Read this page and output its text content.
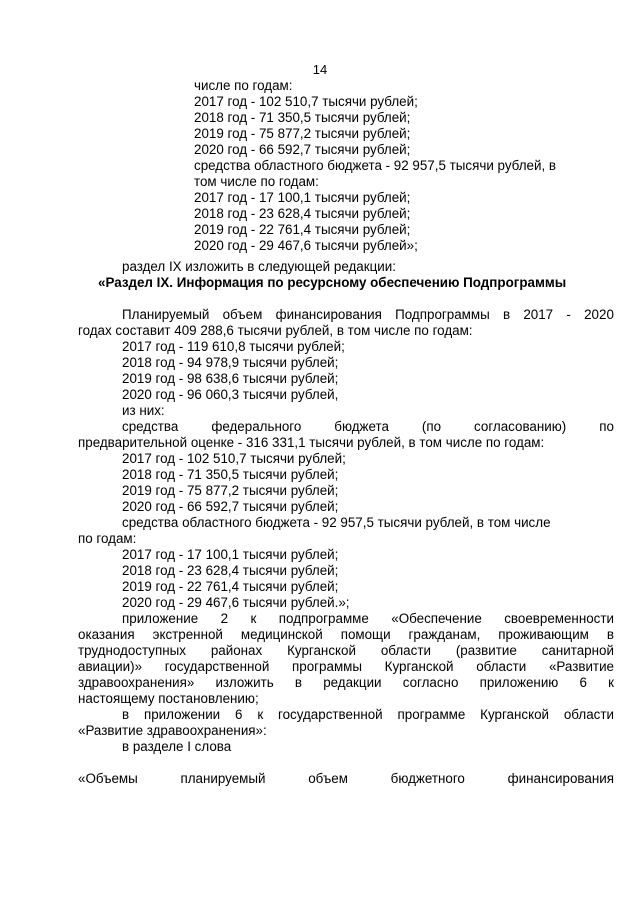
14
числе по годам:
2017 год - 102 510,7 тысячи рублей;
2018 год - 71 350,5 тысячи рублей;
2019 год - 75 877,2 тысячи рублей;
2020 год - 66 592,7 тысячи рублей;
средства областного бюджета - 92 957,5 тысячи рублей, в
том числе по годам:
2017 год - 17 100,1 тысячи рублей;
2018 год - 23 628,4 тысячи рублей;
2019 год - 22 761,4 тысячи рублей;
2020 год - 29 467,6 тысячи рублей»;
раздел IX изложить в следующей редакции:
«Раздел IX. Информация по ресурсному обеспечению Подпрограммы
Планируемый объем финансирования Подпрограммы в 2017 - 2020
годах составит 409 288,6 тысячи рублей, в том числе по годам:
2017 год - 119 610,8 тысячи рублей;
2018 год - 94 978,9 тысячи рублей;
2019 год - 98 638,6 тысячи рублей;
2020 год - 96 060,3 тысячи рублей,
из них:
средства федерального бюджета (по согласованию) по
предварительной оценке - 316 331,1 тысячи рублей, в том числе по годам:
2017 год - 102 510,7 тысячи рублей;
2018 год - 71 350,5 тысячи рублей;
2019 год - 75 877,2 тысячи рублей;
2020 год - 66 592,7 тысячи рублей;
средства областного бюджета - 92 957,5 тысячи рублей, в том числе
по годам:
2017 год - 17 100,1 тысячи рублей;
2018 год - 23 628,4 тысячи рублей;
2019 год - 22 761,4 тысячи рублей;
2020 год - 29 467,6 тысячи рублей.»;
приложение 2 к подпрограмме «Обеспечение своевременности
оказания экстренной медицинской помощи гражданам, проживающим в
труднодоступных районах Курганской области (развитие санитарной
авиации)» государственной программы Курганской области «Развитие
здравоохранения» изложить в редакции согласно приложению 6 к
настоящему постановлению;
в приложении 6 к государственной программе Курганской области
«Развитие здравоохранения»:
в разделе I слова
«Объемы	планируемый	объем	бюджетного	финансирования
